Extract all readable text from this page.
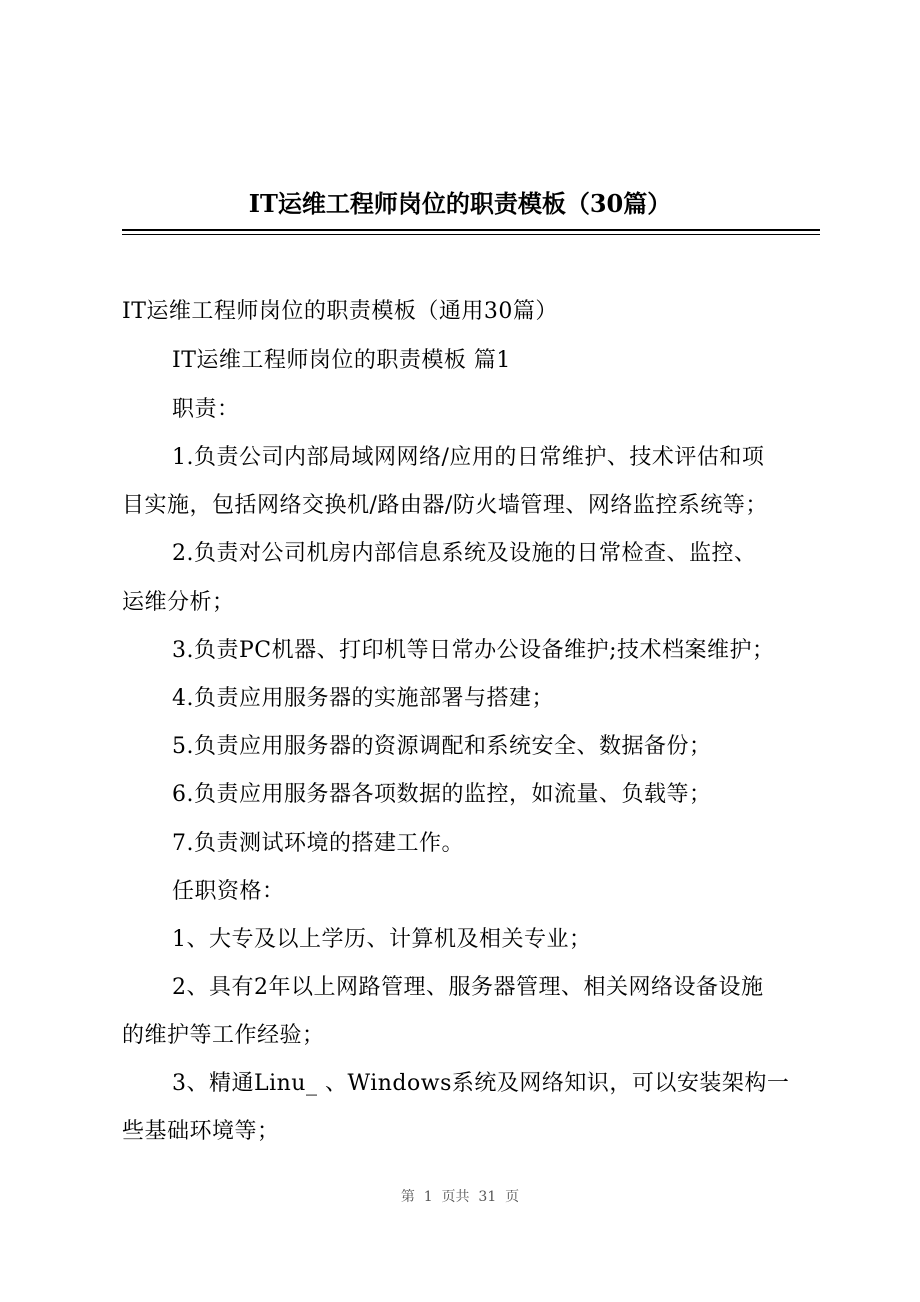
IT运维工程师岗位的职责模板（30篇）
IT运维工程师岗位的职责模板（通用30篇）
IT运维工程师岗位的职责模板 篇1
职责：
1.负责公司内部局域网网络/应用的日常维护、技术评估和项
目实施，包括网络交换机/路由器/防火墙管理、网络监控系统等；
2.负责对公司机房内部信息系统及设施的日常检查、监控、
运维分析；
3.负责PC机器、打印机等日常办公设备维护;技术档案维护；
4.负责应用服务器的实施部署与搭建；
5.负责应用服务器的资源调配和系统安全、数据备份；
6.负责应用服务器各项数据的监控，如流量、负载等；
7.负责测试环境的搭建工作。
任职资格：
1、大专及以上学历、计算机及相关专业；
2、具有2年以上网路管理、服务器管理、相关网络设备设施
的维护等工作经验；
3、精通Linu_ 、Windows系统及网络知识，可以安装架构一
些基础环境等；
第  1  页共  31  页
